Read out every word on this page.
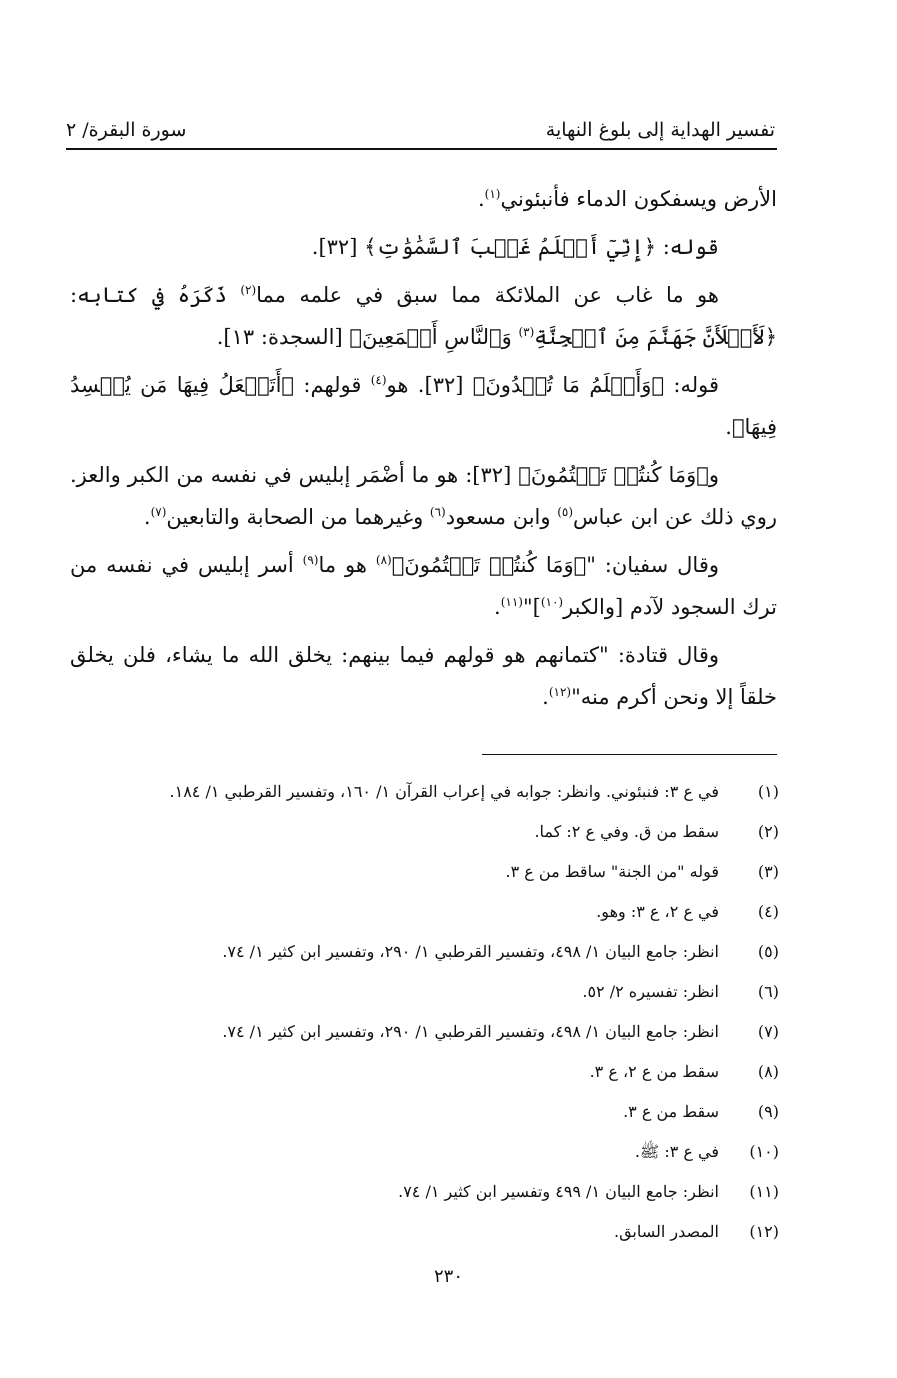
تفسير الهداية إلى بلوغ النهاية
سورة البقرة/ ٢

الأرض ويسفكون الدماء فأنبئوني$^{(١)}$.

قوله: ﴿إِنِّيٓ أَعۡلَمُ غَيۡبَ ٱلسَّمَٰوَٰتِ﴾ [٣٢].

هو ما غاب عن الملائكة مما سبق في علمه مما$^{(٢)}$ ذَكَرَهُ في كتابه: ﴿لَأَمۡلَأَنَّ جَهَنَّمَ مِنَ ٱلۡجِنَّةِ$^{(٣)}$ وَٱلنَّاسِ أَجۡمَعِينَ﴾ [السجدة: ١٣].

قوله: ﴿وَأَعۡلَمُ مَا تُبۡدُونَ﴾ [٣٢]. هو$^{(٤)}$ قولهم: ﴿أَتَجۡعَلُ فِيهَا مَن يُفۡسِدُ فِيهَا﴾.

و﴿وَمَا كُنتُمۡ تَكۡتُمُونَ﴾ [٣٢]: هو ما أضْمَر إبليس في نفسه من الكبر والعز. روي ذلك عن ابن عباس$^{(٥)}$ وابن مسعود$^{(٦)}$ وغيرهما من الصحابة والتابعين$^{(٧)}$.

وقال سفيان: "﴿وَمَا كُنتُمۡ تَكۡتُمُونَ﴾$^{(٨)}$ هو ما$^{(٩)}$ أسر إبليس في نفسه من ترك السجود لآدم [والكبر$^{(١٠)}$]"$^{(١١)}$.

وقال قتادة: "كتمانهم هو قولهم فيما بينهم: يخلق الله ما يشاء، فلن يخلق خلقاً إلا ونحن أكرم منه"$^{(١٢)}$.

(١)في ع ٣: فنبئوني. وانظر: جوابه في إعراب القرآن ١/ ١٦٠، وتفسير القرطبي ١/ ١٨٤.
(٢)سقط من ق. وفي ع ٢: كما.
(٣)قوله "من الجنة" ساقط من ع ٣.
(٤)في ع ٢، ع ٣: وهو.
(٥)انظر: جامع البيان ١/ ٤٩٨، وتفسير القرطبي ١/ ٢٩٠، وتفسير ابن كثير ١/ ٧٤.
(٦)انظر: تفسيره ٢/ ٥٢.
(٧)انظر: جامع البيان ١/ ٤٩٨، وتفسير القرطبي ١/ ٢٩٠، وتفسير ابن كثير ١/ ٧٤.
(٨)سقط من ع ٢، ع ٣.
(٩)سقط من ع ٣.
(١٠)في ع ٣: ﷺ.
(١١)انظر: جامع البيان ١/ ٤٩٩ وتفسير ابن كثير ١/ ٧٤.
(١٢)المصدر السابق.
٢٣٠
